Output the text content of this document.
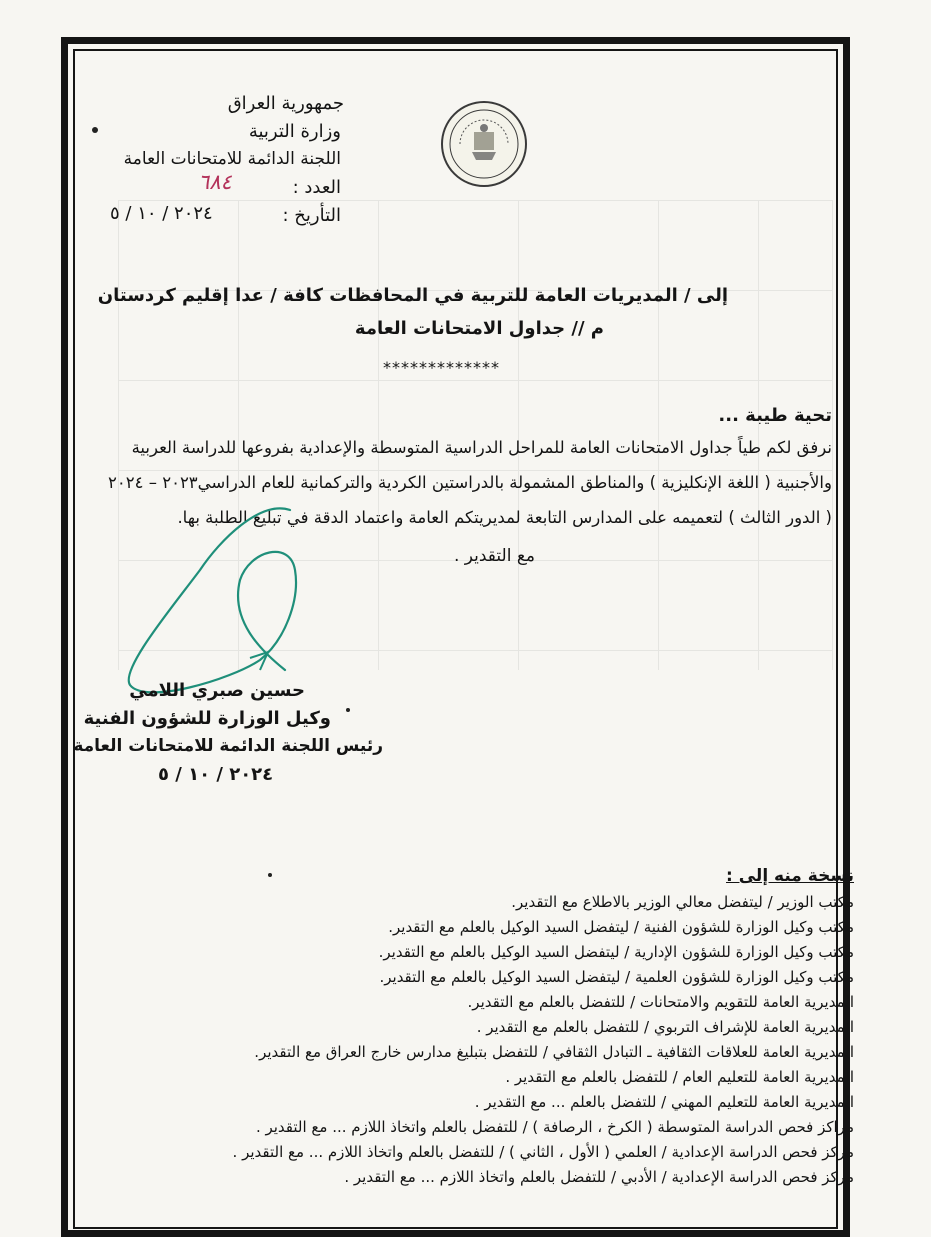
جمهورية العراق
وزارة التربية
اللجنة الدائمة للامتحانات العامة
العدد :
٦٨٤
التأريخ :
٢٠٢٤ / ١٠ / ٥
إلى / المديريات العامة للتربية في المحافظات كافة / عدا إقليم كردستان
م // جداول الامتحانات العامة
*************
تحية طيبة ...
نرفق لكم طياً جداول الامتحانات العامة للمراحل الدراسية المتوسطة والإعدادية بفروعها للدراسة العربية
والأجنبية ( اللغة الإنكليزية ) والمناطق المشمولة بالدراستين الكردية والتركمانية للعام الدراسي٢٠٢٣ – ٢٠٢٤
( الدور الثالث ) لتعميمه على المدارس التابعة لمديريتكم العامة واعتماد الدقة في تبليغ الطلبة بها.
مع التقدير .
حسين صبري اللامي
وكيل الوزارة للشؤون الفنية
رئيس اللجنة الدائمة للامتحانات العامة
٢٠٢٤ / ١٠ / ٥
نسخة منه إلى :
مكتب الوزير / ليتفضل معالي الوزير بالاطلاع مع التقدير.
مكتب وكيل الوزارة للشؤون الفنية / ليتفضل السيد الوكيل بالعلم مع التقدير.
مكتب وكيل الوزارة للشؤون الإدارية / ليتفضل السيد الوكيل بالعلم مع التقدير.
مكتب وكيل الوزارة للشؤون العلمية / ليتفضل السيد الوكيل بالعلم مع التقدير.
المديرية العامة للتقويم والامتحانات / للتفضل بالعلم مع التقدير.
المديرية العامة للإشراف التربوي / للتفضل بالعلم مع التقدير .
المديرية العامة للعلاقات الثقافية ـ التبادل الثقافي / للتفضل بتبليغ مدارس خارج العراق مع التقدير.
المديرية العامة للتعليم العام / للتفضل بالعلم مع التقدير .
المديرية العامة للتعليم المهني / للتفضل بالعلم ... مع التقدير .
مراكز فحص الدراسة المتوسطة ( الكرخ ، الرصافة ) / للتفضل بالعلم واتخاذ اللازم ... مع التقدير .
مركز فحص الدراسة الإعدادية / العلمي ( الأول ، الثاني ) / للتفضل بالعلم واتخاذ اللازم ... مع التقدير .
مركز فحص الدراسة الإعدادية / الأدبي / للتفضل بالعلم واتخاذ اللازم ... مع التقدير .
